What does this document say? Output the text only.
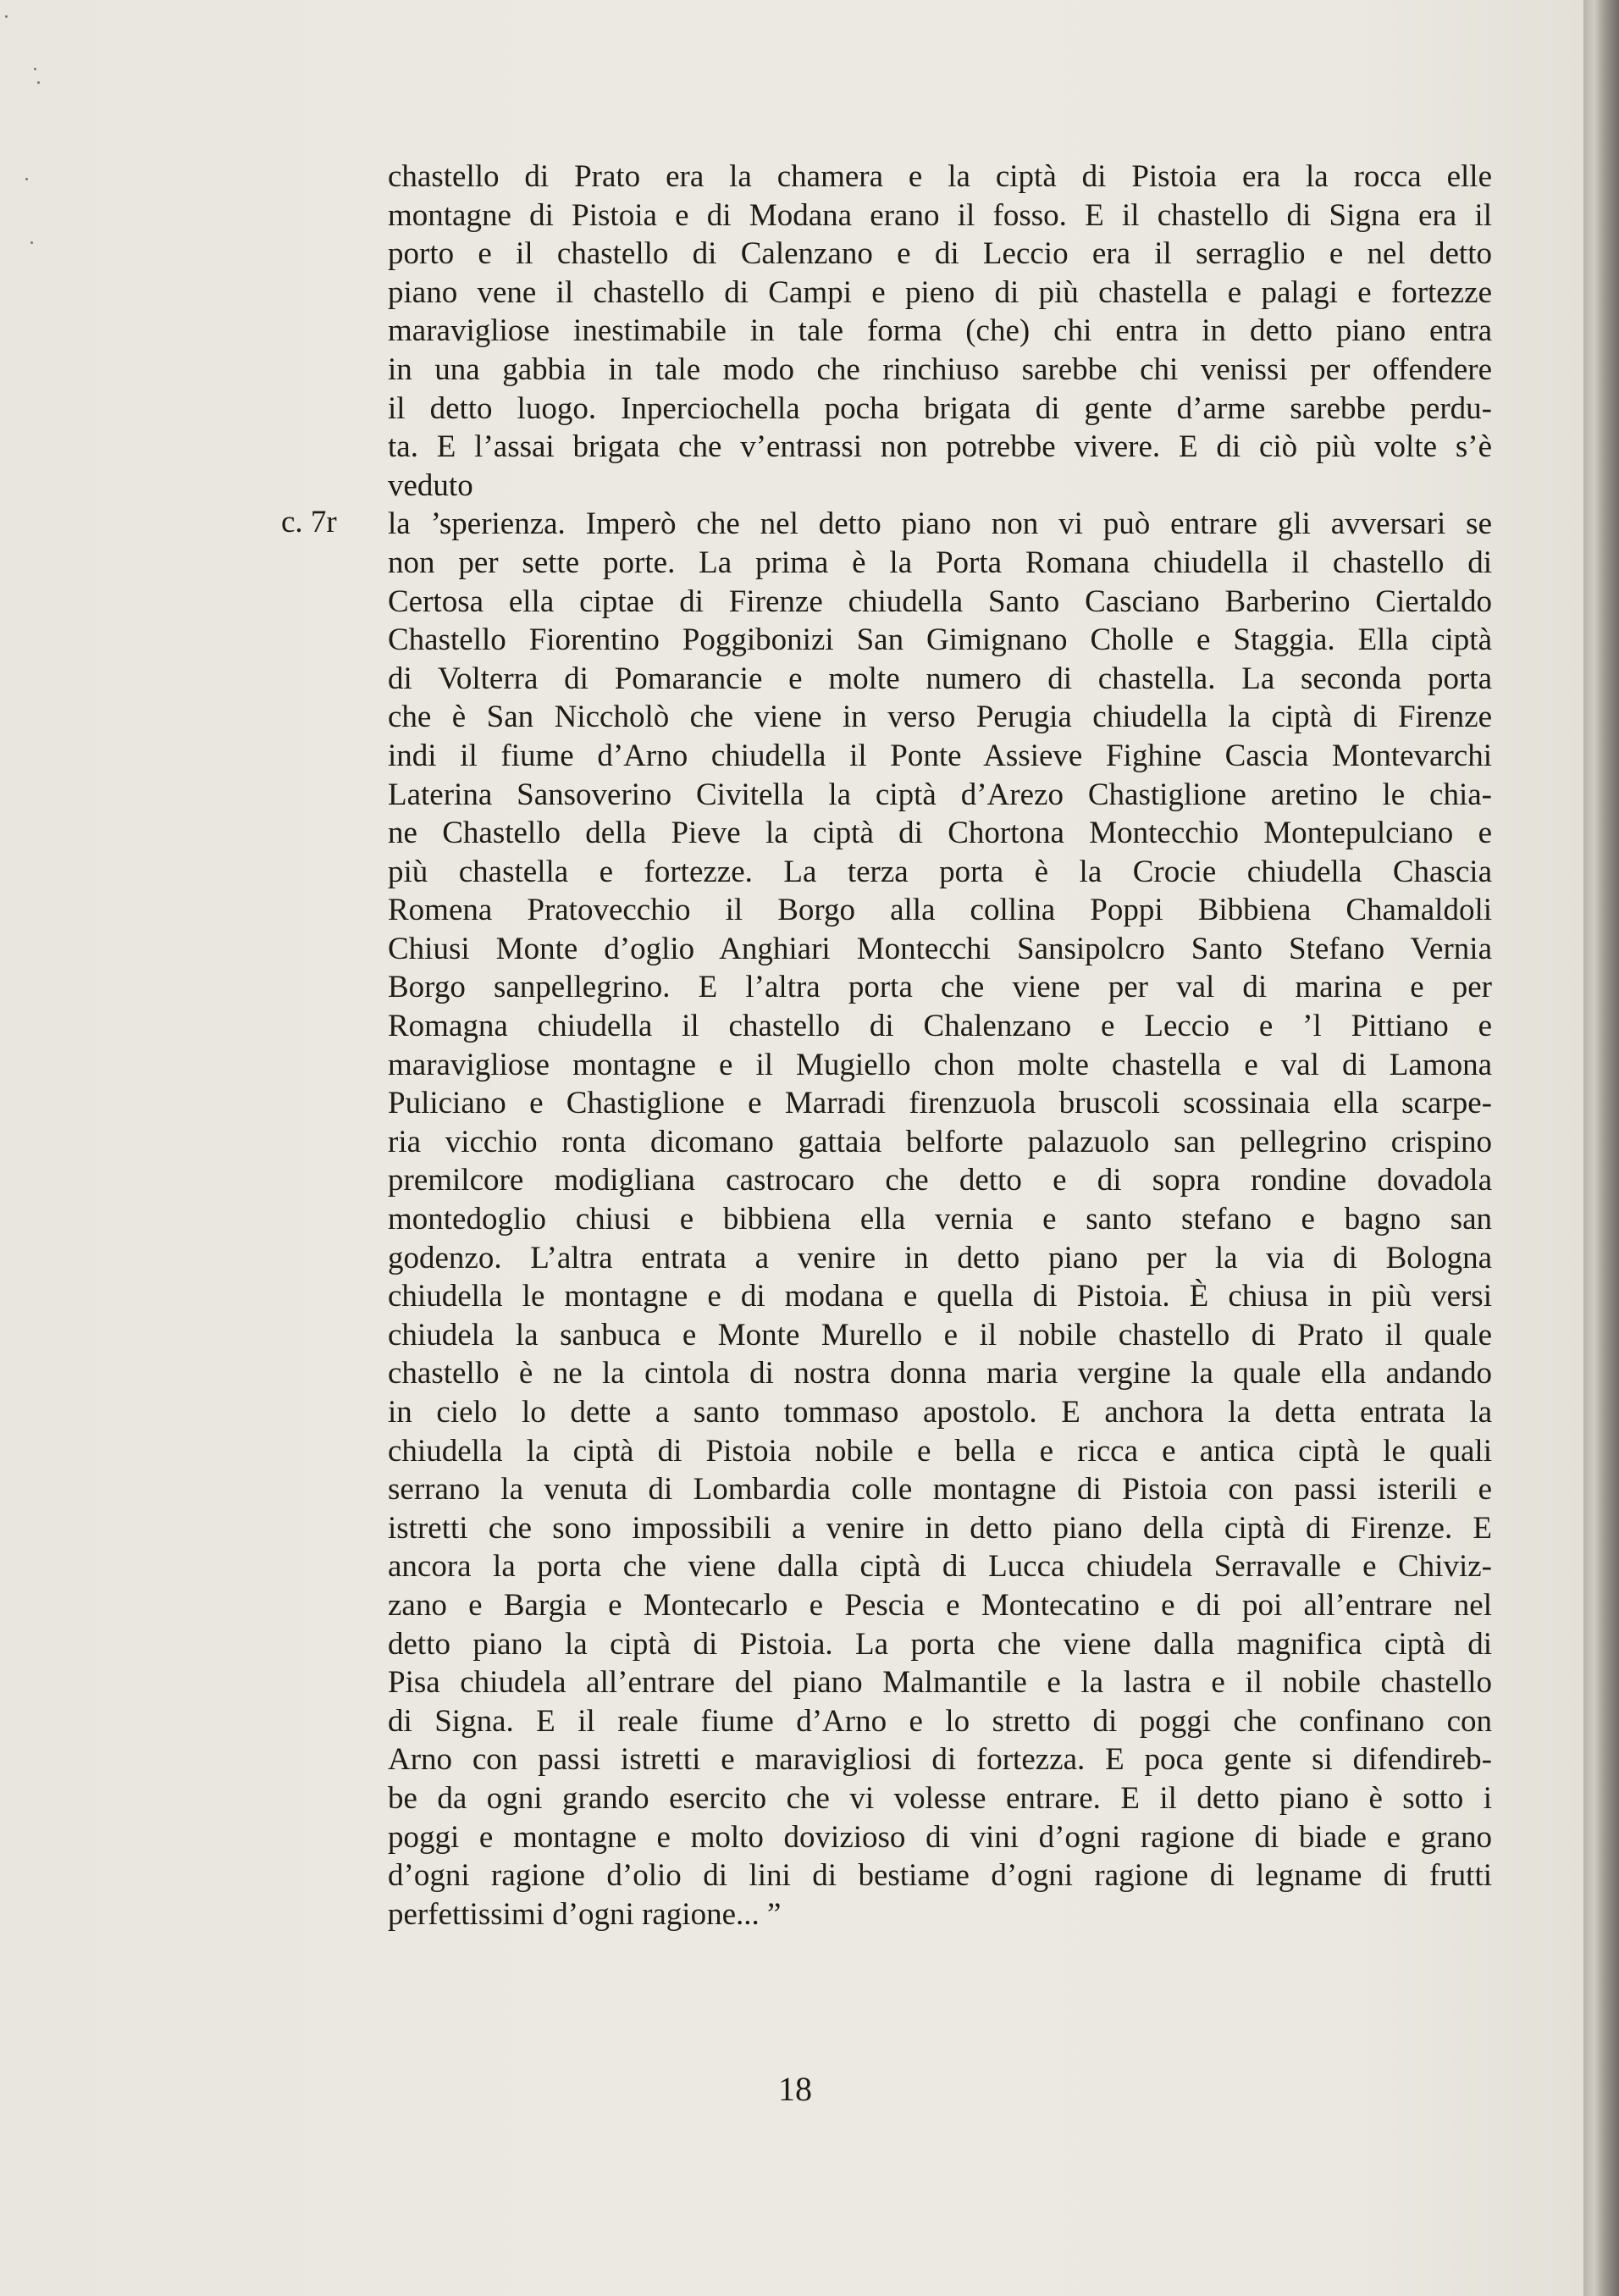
c. 7r
chastello di Prato era la chamera e la ciptà di Pistoia era la rocca elle
montagne di Pistoia e di Modana erano il fosso. E il chastello di Signa era il
porto e il chastello di Calenzano e di Leccio era il serraglio e nel detto
piano vene il chastello di Campi e pieno di più chastella e palagi e fortezze
maravigliose inestimabile in tale forma (che) chi entra in detto piano entra
in una gabbia in tale modo che rinchiuso sarebbe chi venissi per offendere
il detto luogo. Inperciochella pocha brigata di gente d’arme sarebbe perdu-
ta. E l’assai brigata che v’entrassi non potrebbe vivere. E di ciò più volte s’è
veduto
la ’sperienza. Imperò che nel detto piano non vi può entrare gli avversari se
non per sette porte. La prima è la Porta Romana chiudella il chastello di
Certosa ella ciptae di Firenze chiudella Santo Casciano Barberino Ciertaldo
Chastello Fiorentino Poggibonizi San Gimignano Cholle e Staggia. Ella ciptà
di Volterra di Pomarancie e molte numero di chastella. La seconda porta
che è San Niccholò che viene in verso Perugia chiudella la ciptà di Firenze
indi il fiume d’Arno chiudella il Ponte Assieve Fighine Cascia Montevarchi
Laterina Sansoverino Civitella la ciptà d’Arezo Chastiglione aretino le chia-
ne Chastello della Pieve la ciptà di Chortona Montecchio Montepulciano e
più chastella e fortezze. La terza porta è la Crocie chiudella Chascia
Romena Pratovecchio il Borgo alla collina Poppi Bibbiena Chamaldoli
Chiusi Monte d’oglio Anghiari Montecchi Sansipolcro Santo Stefano Vernia
Borgo sanpellegrino. E l’altra porta che viene per val di marina e per
Romagna chiudella il chastello di Chalenzano e Leccio e ’l Pittiano e
maravigliose montagne e il Mugiello chon molte chastella e val di Lamona
Puliciano e Chastiglione e Marradi firenzuola bruscoli scossinaia ella scarpe-
ria vicchio ronta dicomano gattaia belforte palazuolo san pellegrino crispino
premilcore modigliana castrocaro che detto e di sopra rondine dovadola
montedoglio chiusi e bibbiena ella vernia e santo stefano e bagno san
godenzo. L’altra entrata a venire in detto piano per la via di Bologna
chiudella le montagne e di modana e quella di Pistoia. È chiusa in più versi
chiudela la sanbuca e Monte Murello e il nobile chastello di Prato il quale
chastello è ne la cintola di nostra donna maria vergine la quale ella andando
in cielo lo dette a santo tommaso apostolo. E anchora la detta entrata la
chiudella la ciptà di Pistoia nobile e bella e ricca e antica ciptà le quali
serrano la venuta di Lombardia colle montagne di Pistoia con passi isterili e
istretti che sono impossibili a venire in detto piano della ciptà di Firenze. E
ancora la porta che viene dalla ciptà di Lucca chiudela Serravalle e Chiviz-
zano e Bargia e Montecarlo e Pescia e Montecatino e di poi all’entrare nel
detto piano la ciptà di Pistoia. La porta che viene dalla magnifica ciptà di
Pisa chiudela all’entrare del piano Malmantile e la lastra e il nobile chastello
di Signa. E il reale fiume d’Arno e lo stretto di poggi che confinano con
Arno con passi istretti e maravigliosi di fortezza. E poca gente si difendireb-
be da ogni grando esercito che vi volesse entrare. E il detto piano è sotto i
poggi e montagne e molto dovizioso di vini d’ogni ragione di biade e grano
d’ogni ragione d’olio di lini di bestiame d’ogni ragione di legname di frutti
perfettissimi d’ogni ragione... ”
18
